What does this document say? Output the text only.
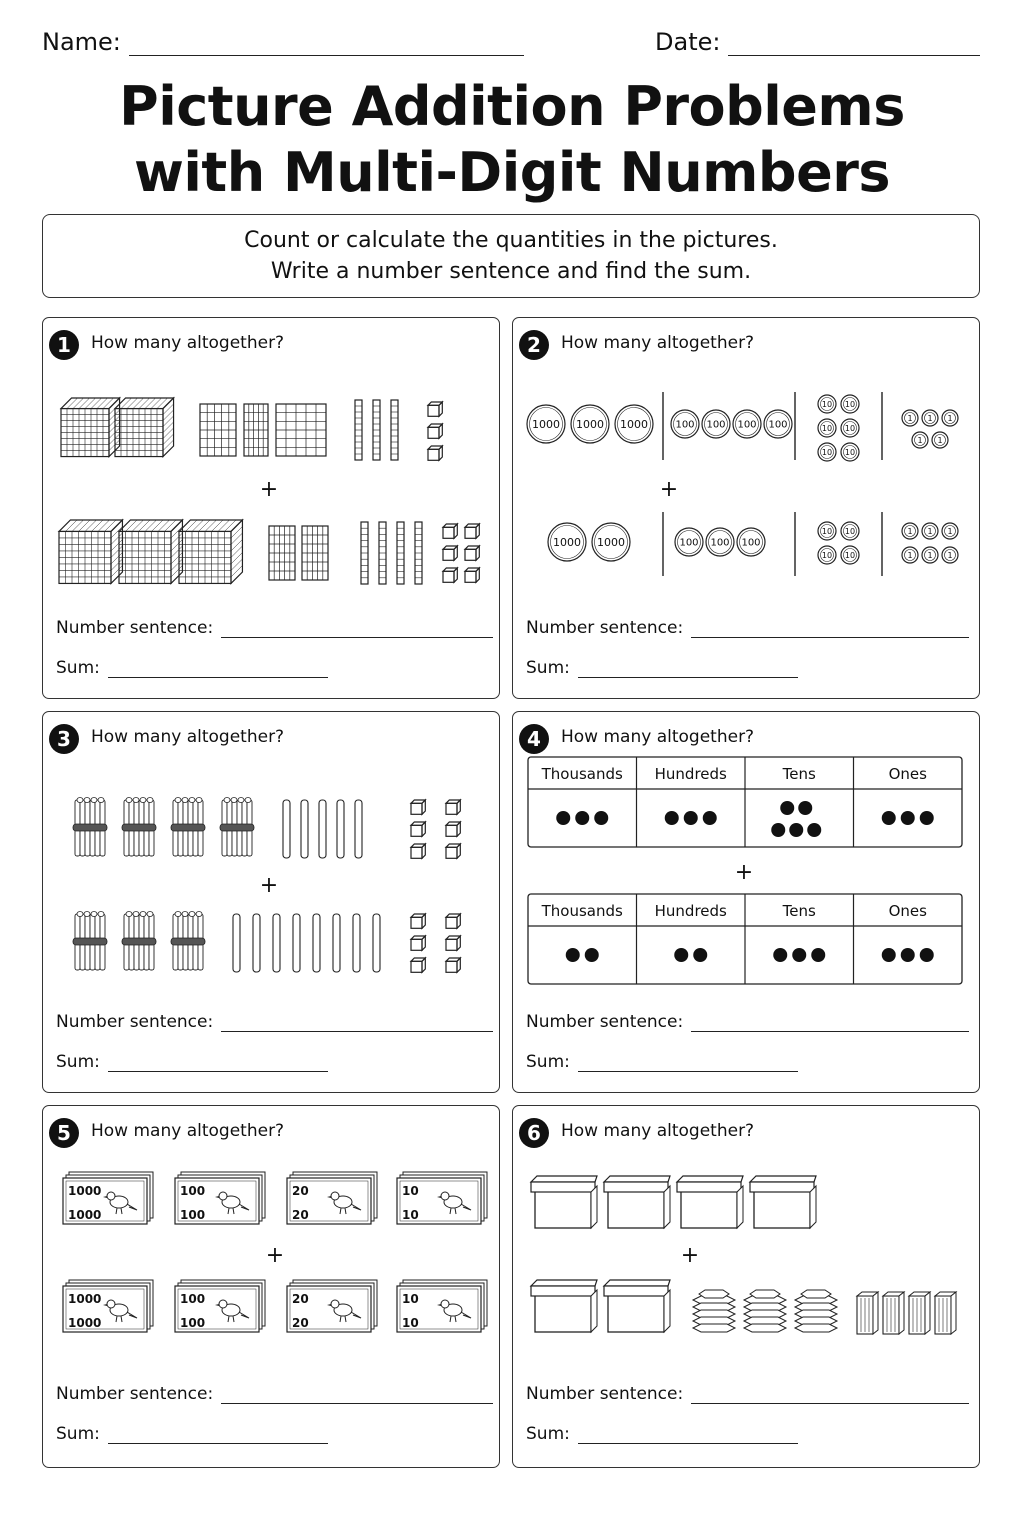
Name:	Date:
Picture Addition Problems
with Multi-Digit Numbers
Count or calculate the quantities in the pictures.
Write a number sentence and find the sum.
1	How many altogether?
+
Number sentence:
Sum:
2	How many altogether?
1000 1000 1000	100 100 100 100
10 10
10 10
10 10
1 1 1
1 1
+
1000 1000	100 100 100
10 10
10 10
1 1 1
1 1 1
Number sentence:
Sum:
3	How many altogether?
+
Number sentence:
Sum:
4	How many altogether?
Thousands Hundreds	Tens	Ones
+
Thousands Hundreds	Tens	Ones
Number sentence:
Sum:
5	How many altogether?
1000
1000
100
100
20
20
10
10
+
1000
1000
100
100
20
20
10
10
Number sentence:
Sum:
6	How many altogether?
+
Number sentence:
Sum:
